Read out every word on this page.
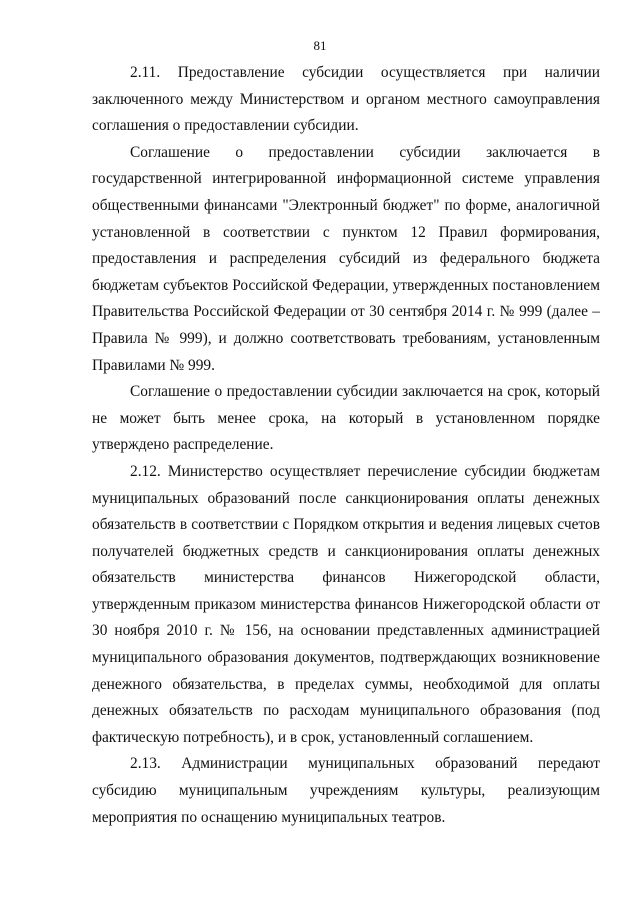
81

2.11. Предоставление субсидии осуществляется при наличии заключенного между Министерством и органом местного самоуправления соглашения о предоставлении субсидии.

Соглашение о предоставлении субсидии заключается в государственной интегрированной информационной системе управления общественными финансами "Электронный бюджет" по форме, аналогичной установленной в соответствии с пунктом 12 Правил формирования, предоставления и распределения субсидий из федерального бюджета бюджетам субъектов Российской Федерации, утвержденных постановлением Правительства Российской Федерации от 30 сентября 2014 г. № 999 (далее – Правила № 999), и должно соответствовать требованиям, установленным Правилами № 999.

Соглашение о предоставлении субсидии заключается на срок, который не может быть менее срока, на который в установленном порядке утверждено распределение.

2.12. Министерство осуществляет перечисление субсидии бюджетам муниципальных образований после санкционирования оплаты денежных обязательств в соответствии с Порядком открытия и ведения лицевых счетов получателей бюджетных средств и санкционирования оплаты денежных обязательств министерства финансов Нижегородской области, утвержденным приказом министерства финансов Нижегородской области от 30 ноября 2010 г. № 156, на основании представленных администрацией муниципального образования документов, подтверждающих возникновение денежного обязательства, в пределах суммы, необходимой для оплаты денежных обязательств по расходам муниципального образования (под фактическую потребность), и в срок, установленный соглашением.

2.13. Администрации муниципальных образований передают субсидию муниципальным учреждениям культуры, реализующим мероприятия по оснащению муниципальных театров.
